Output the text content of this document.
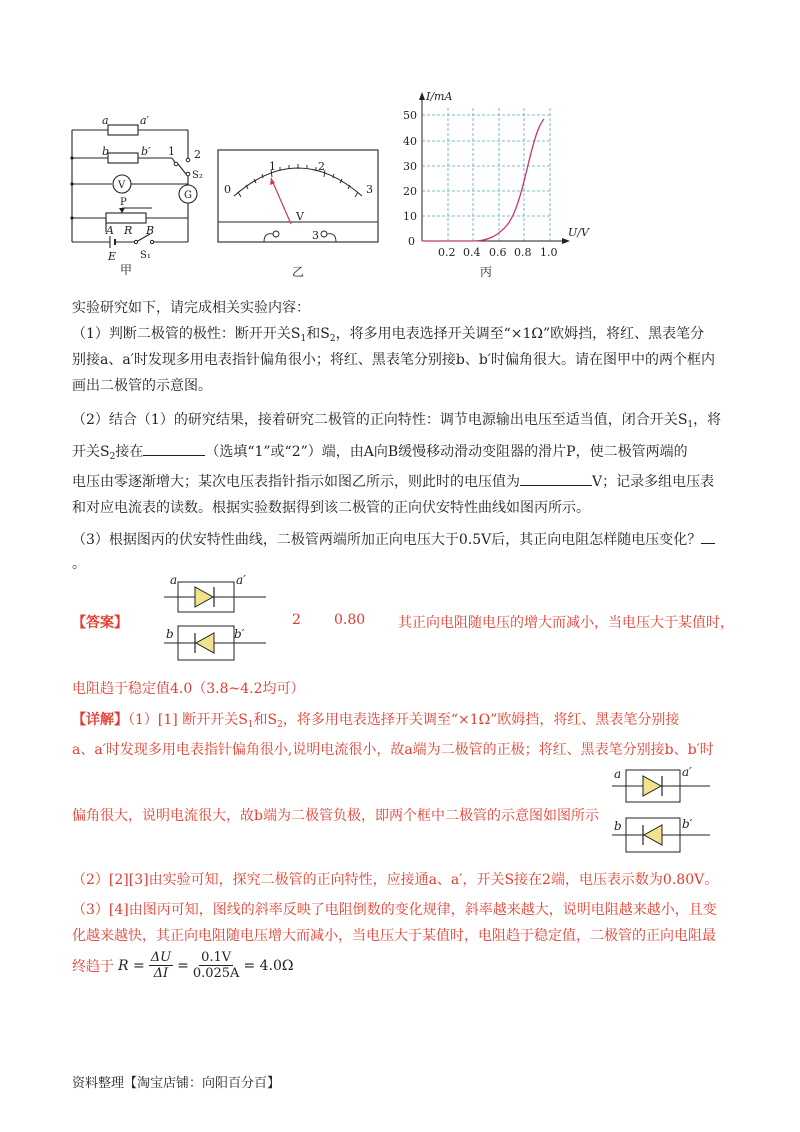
a	a′
b	b′ 1 2
S₂
V
G
P
A R B
E S₁
甲
0
1	2
3
V
3
乙
I/mA
U/V
50
40
30
20
10
0
0.2 0.4 0.6 0.8 1.0
丙
实验研究如下，请完成相关实验内容：
（1）判断二极管的极性：断开开关$S_1$和$S_2$，将多用电表选择开关调至“×1Ω”欧姆挡，将红、黑表笔分
别接a、a′时发现多用电表指针偏角很小；将红、黑表笔分别接b、b′时偏角很大。请在图甲中的两个框内
画出二极管的示意图。
（2）结合（1）的研究结果，接着研究二极管的正向特性：调节电源输出电压至适当值，闭合开关$S_1$，将
开关$S_2$接在	（选填“1”或“2”）端，由A向B缓慢移动滑动变阻器的滑片P，使二极管两端的
电压由零逐渐增大；某次电压表指针指示如图乙所示，则此时的电压值为	V；记录多组电压表
和对应电流表的读数。根据实验数据得到该二极管的正向伏安特性曲线如图丙所示。
（3）根据图丙的伏安特性曲线，二极管两端所加正向电压大于0.5V后，其正向电阻怎样随电压变化？
。
【答案】
a	a′
b	b′
2 0.80 其正向电阻随电压的增大而减小，当电压大于某值时，
电阻趋于稳定值4.0（3.8~4.2均可）
【详解】（1）[1] 断开开关$S_1$和$S_2$，将多用电表选择开关调至“×1Ω”欧姆挡，将红、黑表笔分别接
a、a′时发现多用电表指针偏角很小,说明电流很小，故a端为二极管的正极；将红、黑表笔分别接b、b′时
a	a′
b	b′
偏角很大，说明电流很大，故b端为二极管负极，即两个框中二极管的示意图如图所示
（2）[2][3]由实验可知，探究二极管的正向特性，应接通a、a′，开关S接在2端，电压表示数为0.80V。
（3）[4]由图丙可知，图线的斜率反映了电阻倒数的变化规律，斜率越来越大，说明电阻越来越小，且变
化越来越快，其正向电阻随电压增大而减小，当电压大于某值时，电阻趋于稳定值，二极管的正向电阻最
终趋于 $R = \frac{\Delta U}{\Delta I} = \frac{0.1V}{0.025A} = 4.0\Omega$
资料整理【淘宝店铺：向阳百分百】
